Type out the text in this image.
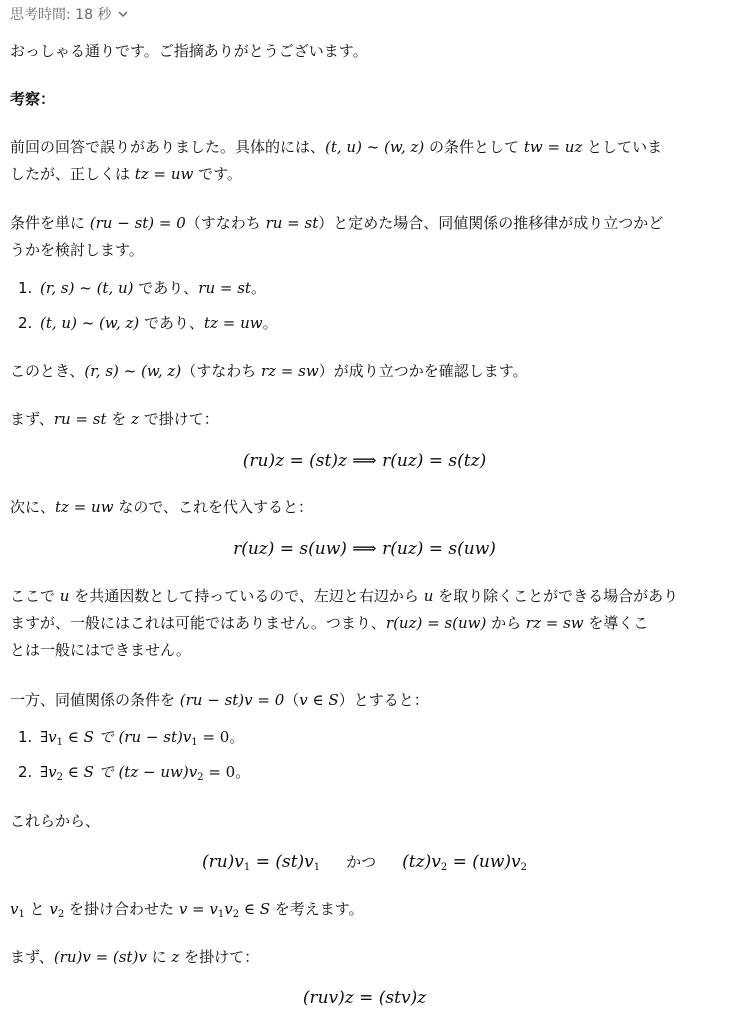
思考時間: 18 秒
おっしゃる通りです。ご指摘ありがとうございます。
考察：
前回の回答で誤りがありました。具体的には、(t, u) ~ (w, z) の条件として tw = uz としていま
したが、正しくは tz = uw です。
条件を単に (ru − st) = 0（すなわち ru = st）と定めた場合、同値関係の推移律が成り立つかど
うかを検討します。
1. (r, s) ~ (t, u) であり、ru = st。
2. (t, u) ~ (w, z) であり、tz = uw。
このとき、(r, s) ~ (w, z)（すなわち rz = sw）が成り立つかを確認します。
まず、ru = st を z で掛けて：
(ru)z = (st)z ⟹ r(uz) = s(tz)
次に、tz = uw なので、これを代入すると：
r(uz) = s(uw) ⟹ r(uz) = s(uw)
ここで u を共通因数として持っているので、左辺と右辺から u を取り除くことができる場合があり
ますが、一般にはこれは可能ではありません。つまり、r(uz) = s(uw) から rz = sw を導くこ
とは一般にはできません。
一方、同値関係の条件を (ru − st)v = 0（v ∈ S）とすると：
1. $\exists v_1$ ∈ S で $(ru - st)v_1 = 0$。
2. $\exists v_2$ ∈ S で $(tz - uw)v_2 = 0$。
これらから、
$(ru)v_1 = (st)v_1$ かつ $(tz)v_2 = (uw)v_2$
$v_1$ と $v_2$ を掛け合わせた $v = v_1v_2$ ∈ S を考えます。
まず、(ru)v = (st)v に z を掛けて：
(ruv)z = (stv)z
